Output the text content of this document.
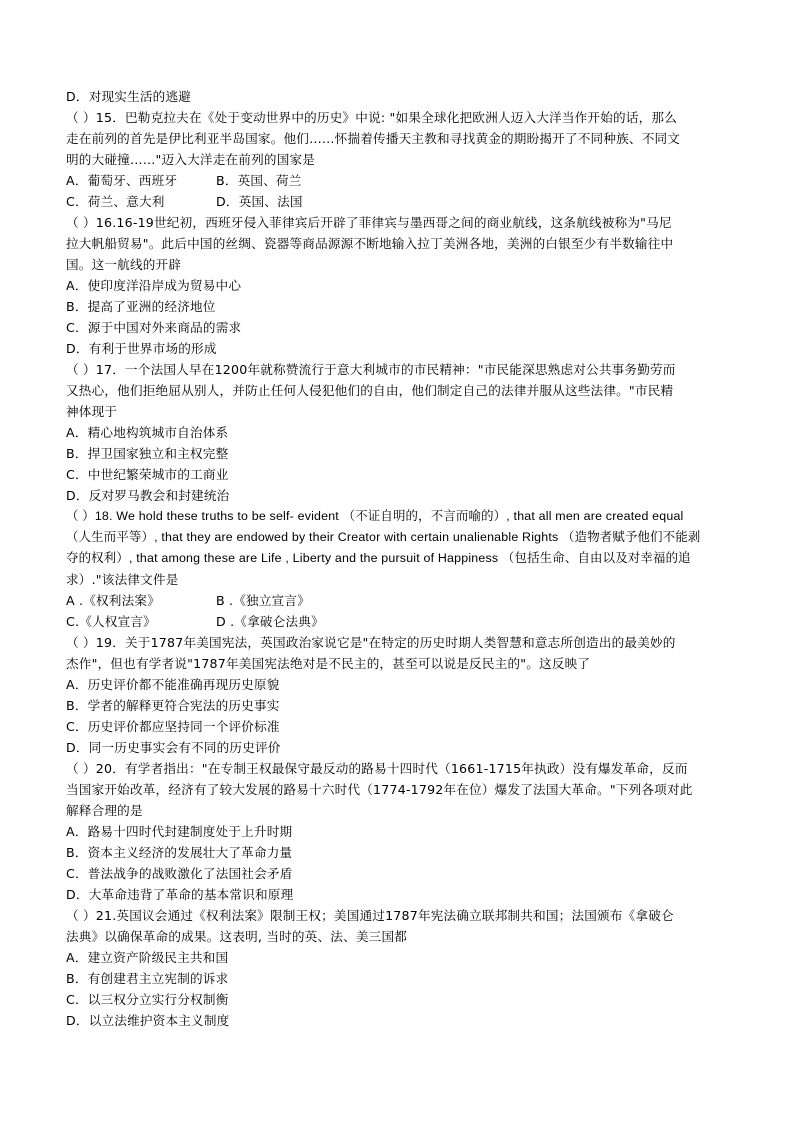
D．对现实生活的逃避
（ ）15．巴勒克拉夫在《处于变动世界中的历史》中说: "如果全球化把欧洲人迈入大洋当作开始的话，那么
走在前列的首先是伊比利亚半岛国家。他们……怀揣着传播天主教和寻找黄金的期盼揭开了不同种族、不同文
明的大碰撞……"迈入大洋走在前列的国家是
A．葡萄牙、西班牙	B．英国、荷兰
C．荷兰、意大利	D．英国、法国
（ ）16.16-19世纪初，西班牙侵入菲律宾后开辟了菲律宾与墨西哥之间的商业航线，这条航线被称为"马尼
拉大帆船贸易"。此后中国的丝绸、瓷器等商品源源不断地输入拉丁美洲各地，美洲的白银至少有半数输往中
国。这一航线的开辟
A．使印度洋沿岸成为贸易中心
B．提高了亚洲的经济地位
C．源于中国对外来商品的需求
D．有利于世界市场的形成
（ ）17．一个法国人早在1200年就称赞流行于意大利城市的市民精神："市民能深思熟虑对公共事务勤劳而
又热心，他们拒绝屈从别人，并防止任何人侵犯他们的自由，他们制定自己的法律并服从这些法律。"市民精
神体现于
A．精心地构筑城市自治体系
B．捍卫国家独立和主权完整
C．中世纪繁荣城市的工商业
D．反对罗马教会和封建统治
（ ）18. We hold these truths to be self- evident （不证自明的，不言而喻的）, that all men are created equal
（人生而平等）, that they are endowed by their Creator with certain unalienable Rights （造物者赋予他们不能剥
夺的权利）, that among these are Life , Liberty and the pursuit of Happiness （包括生命、自由以及对幸福的追
求）."该法律文件是
A .《权利法案》	B .《独立宣言》
C.《人权宣言》	D .《拿破仑法典》
（ ）19．关于1787年美国宪法，英国政治家说它是"在特定的历史时期人类智慧和意志所创造出的最美妙的
杰作"，但也有学者说"1787年美国宪法绝对是不民主的，甚至可以说是反民主的"。这反映了
A．历史评价都不能准确再现历史原貌
B．学者的解释更符合宪法的历史事实
C．历史评价都应坚持同一个评价标准
D．同一历史事实会有不同的历史评价
（ ）20．有学者指出："在专制王权最保守最反动的路易十四时代（1661-1715年执政）没有爆发革命，反而
当国家开始改革，经济有了较大发展的路易十六时代（1774-1792年在位）爆发了法国大革命。"下列各项对此
解释合理的是
A．路易十四时代封建制度处于上升时期
B．资本主义经济的发展壮大了革命力量
C．普法战争的战败激化了法国社会矛盾
D．大革命违背了革命的基本常识和原理
（ ）21.英国议会通过《权利法案》限制王权；美国通过1787年宪法确立联邦制共和国；法国颁布《拿破仑
法典》以确保革命的成果。这表明, 当时的英、法、美三国都
A．建立资产阶级民主共和国
B．有创建君主立宪制的诉求
C．以三权分立实行分权制衡
D．以立法维护资本主义制度
